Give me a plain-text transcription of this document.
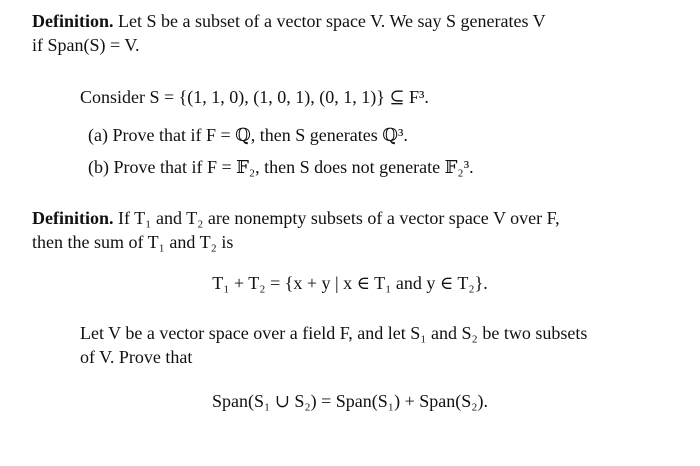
Definition. Let S be a subset of a vector space V. We say S generates V
if Span(S) = V.
Consider S = {(1, 1, 0), (1, 0, 1), (0, 1, 1)} ⊆ F³.
(a) Prove that if F = ℚ, then S generates ℚ³.
(b) Prove that if F = 𝔽₂, then S does not generate 𝔽₂³.
Definition. If T₁ and T₂ are nonempty subsets of a vector space V over F,
then the sum of T₁ and T₂ is
T₁ + T₂ = {x + y | x ∈ T₁ and y ∈ T₂}.
Let V be a vector space over a field F, and let S₁ and S₂ be two subsets
of V. Prove that
Span(S₁ ∪ S₂) = Span(S₁) + Span(S₂).
